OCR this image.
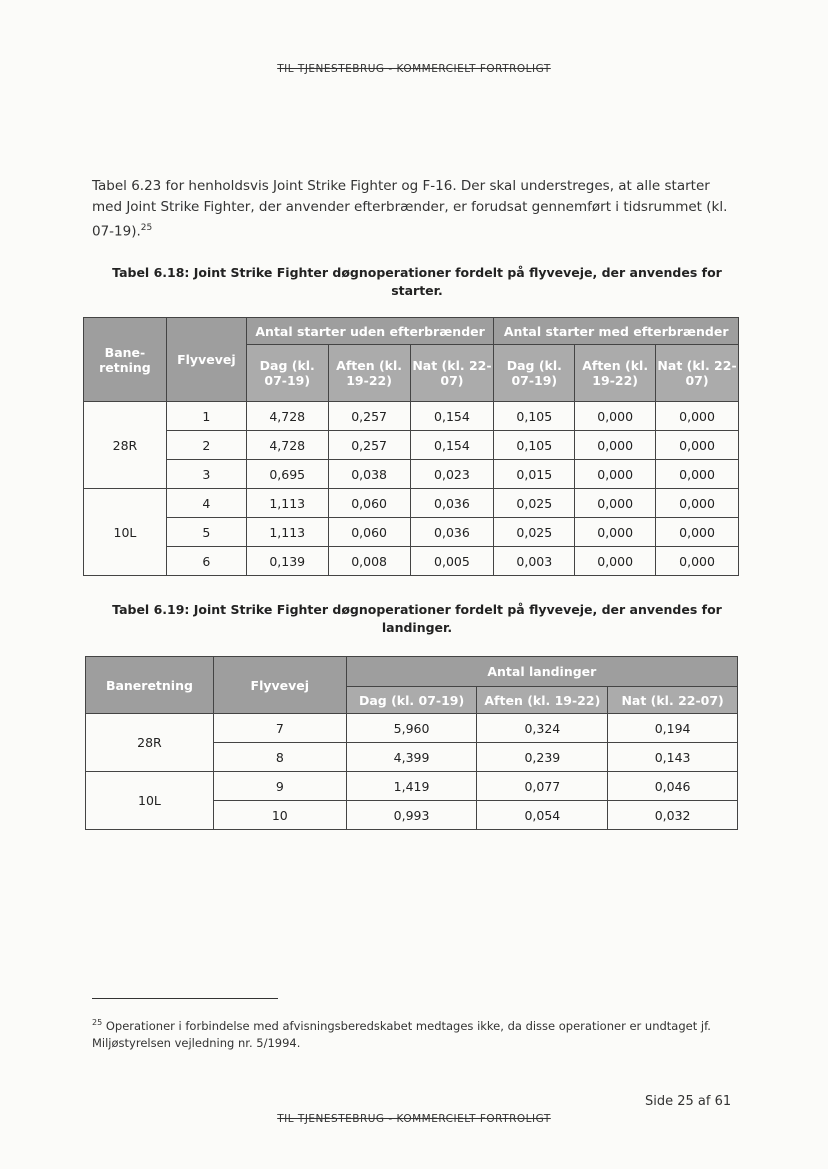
TIL TJENESTEBRUG - KOMMERCIELT FORTROLIGT
Tabel 6.23 for henholdsvis Joint Strike Fighter og F-16. Der skal understreges, at alle starter med Joint Strike Fighter, der anvender efterbrænder, er forudsat gennemført i tidsrummet (kl. 07-19).$^{25}$
Tabel 6.18: Joint Strike Fighter døgnoperationer fordelt på flyveveje, der anvendes for starter.
Bane-retning	Flyvevej	Antal starter uden efterbrænder			Antal starter med efterbrænder		
		Dag (kl. 07-19)	Aften (kl. 19-22)	Nat (kl. 22-07)	Dag (kl. 07-19)	Aften (kl. 19-22)	Nat (kl. 22-07)
28R	1	4,728	0,257	0,154	0,105	0,000	0,000
	2	4,728	0,257	0,154	0,105	0,000	0,000
	3	0,695	0,038	0,023	0,015	0,000	0,000
10L	4	1,113	0,060	0,036	0,025	0,000	0,000
	5	1,113	0,060	0,036	0,025	0,000	0,000
	6	0,139	0,008	0,005	0,003	0,000	0,000
Tabel 6.19: Joint Strike Fighter døgnoperationer fordelt på flyveveje, der anvendes for landinger.
Baneretning	Flyvevej	Antal landinger		
		Dag (kl. 07-19)	Aften (kl. 19-22)	Nat (kl. 22-07)
28R	7	5,960	0,324	0,194
	8	4,399	0,239	0,143
10L	9	1,419	0,077	0,046
	10	0,993	0,054	0,032
$^{25}$ Operationer i forbindelse med afvisningsberedskabet medtages ikke, da disse operationer er undtaget jf. Miljøstyrelsen vejledning nr. 5/1994.
Side 25 af 61
TIL TJENESTEBRUG - KOMMERCIELT FORTROLIGT
